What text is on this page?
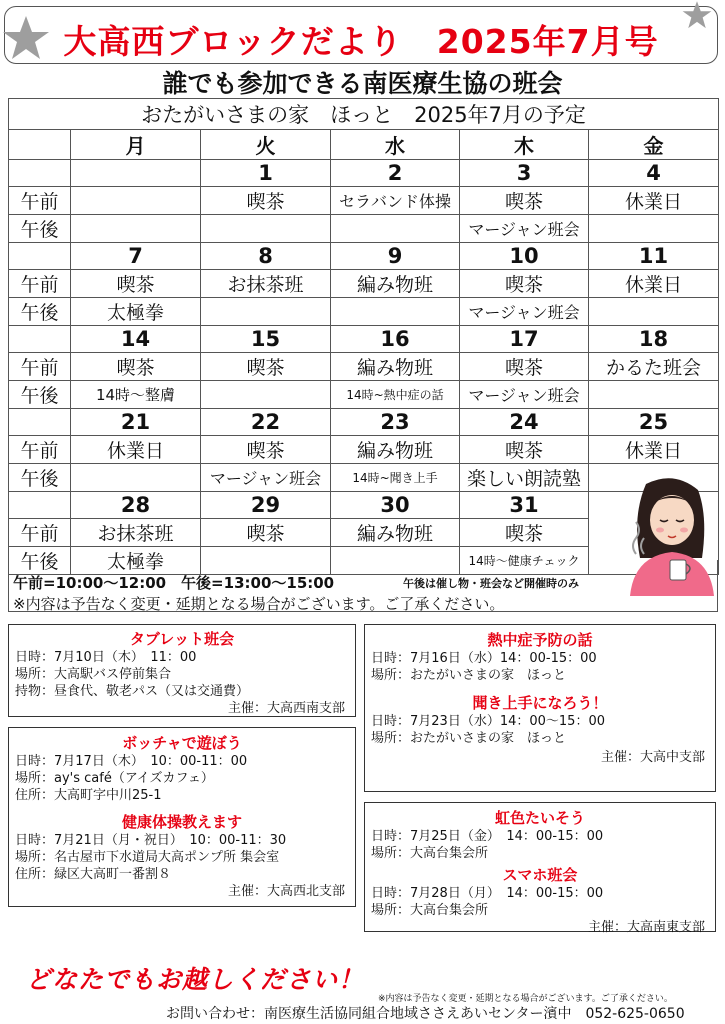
大高西ブロックだより　2025年7月号
誰でも参加できる南医療生協の班会
おたがいさまの家　ほっと　2025年7月の予定					
	月	火	水	木	金
		1	2	3	4
午前		喫茶	セラバンド体操	喫茶	休業日
午後				マージャン班会	
	7	8	9	10	11
午前	喫茶	お抹茶班	編み物班	喫茶	休業日
午後	太極拳			マージャン班会	
	14	15	16	17	18
午前	喫茶	喫茶	編み物班	喫茶	かるた班会
午後	14時～整膚		14時~熱中症の話	マージャン班会	
	21	22	23	24	25
午前	休業日	喫茶	編み物班	喫茶	休業日
午後		マージャン班会	14時~聞き上手	楽しい朗読塾	
	28	29	30	31	
午前	お抹茶班	喫茶	編み物班	喫茶	
午後	太極拳			14時～健康チェック	
午前=10:00～12:00　午後=13:00～15:00	午後は催し物・班会など開催時のみ
※内容は予告なく変更・延期となる場合がございます。ご了承ください。
タブレット班会
日時：7月10日（木）　11：00
場所：大高駅バス停前集合
持物：昼食代、敬老パス（又は交通費）
主催：大高西南支部
ボッチャで遊ぼう
日時：7月17日（木）　10：00-11：00
場所：ay's café（アイズカフェ）
住所：大高町字中川25-1
健康体操教えます
日時：7月21日（月・祝日）　10：00-11：30
場所：名古屋市下水道局大高ポンプ所 集会室
住所：緑区大高町一番割８
主催：大高西北支部
熱中症予防の話
日時：7月16日（水）14：00-15：00
場所：おたがいさまの家　ほっと
聞き上手になろう！
日時：7月23日（水）14：00～15：00
場所：おたがいさまの家　ほっと
主催：大高中支部
虹色たいそう
日時：7月25日（金）　14：00-15：00
場所：大高台集会所
スマホ班会
日時：7月28日（月）　14：00-15：00
場所：大高台集会所
主催：大高南東支部
どなたでもお越しください！
※内容は予告なく変更・延期となる場合がございます。ご了承ください。
お問い合わせ：南医療生活協同組合地域ささえあいセンター濱中　052-625-0650
